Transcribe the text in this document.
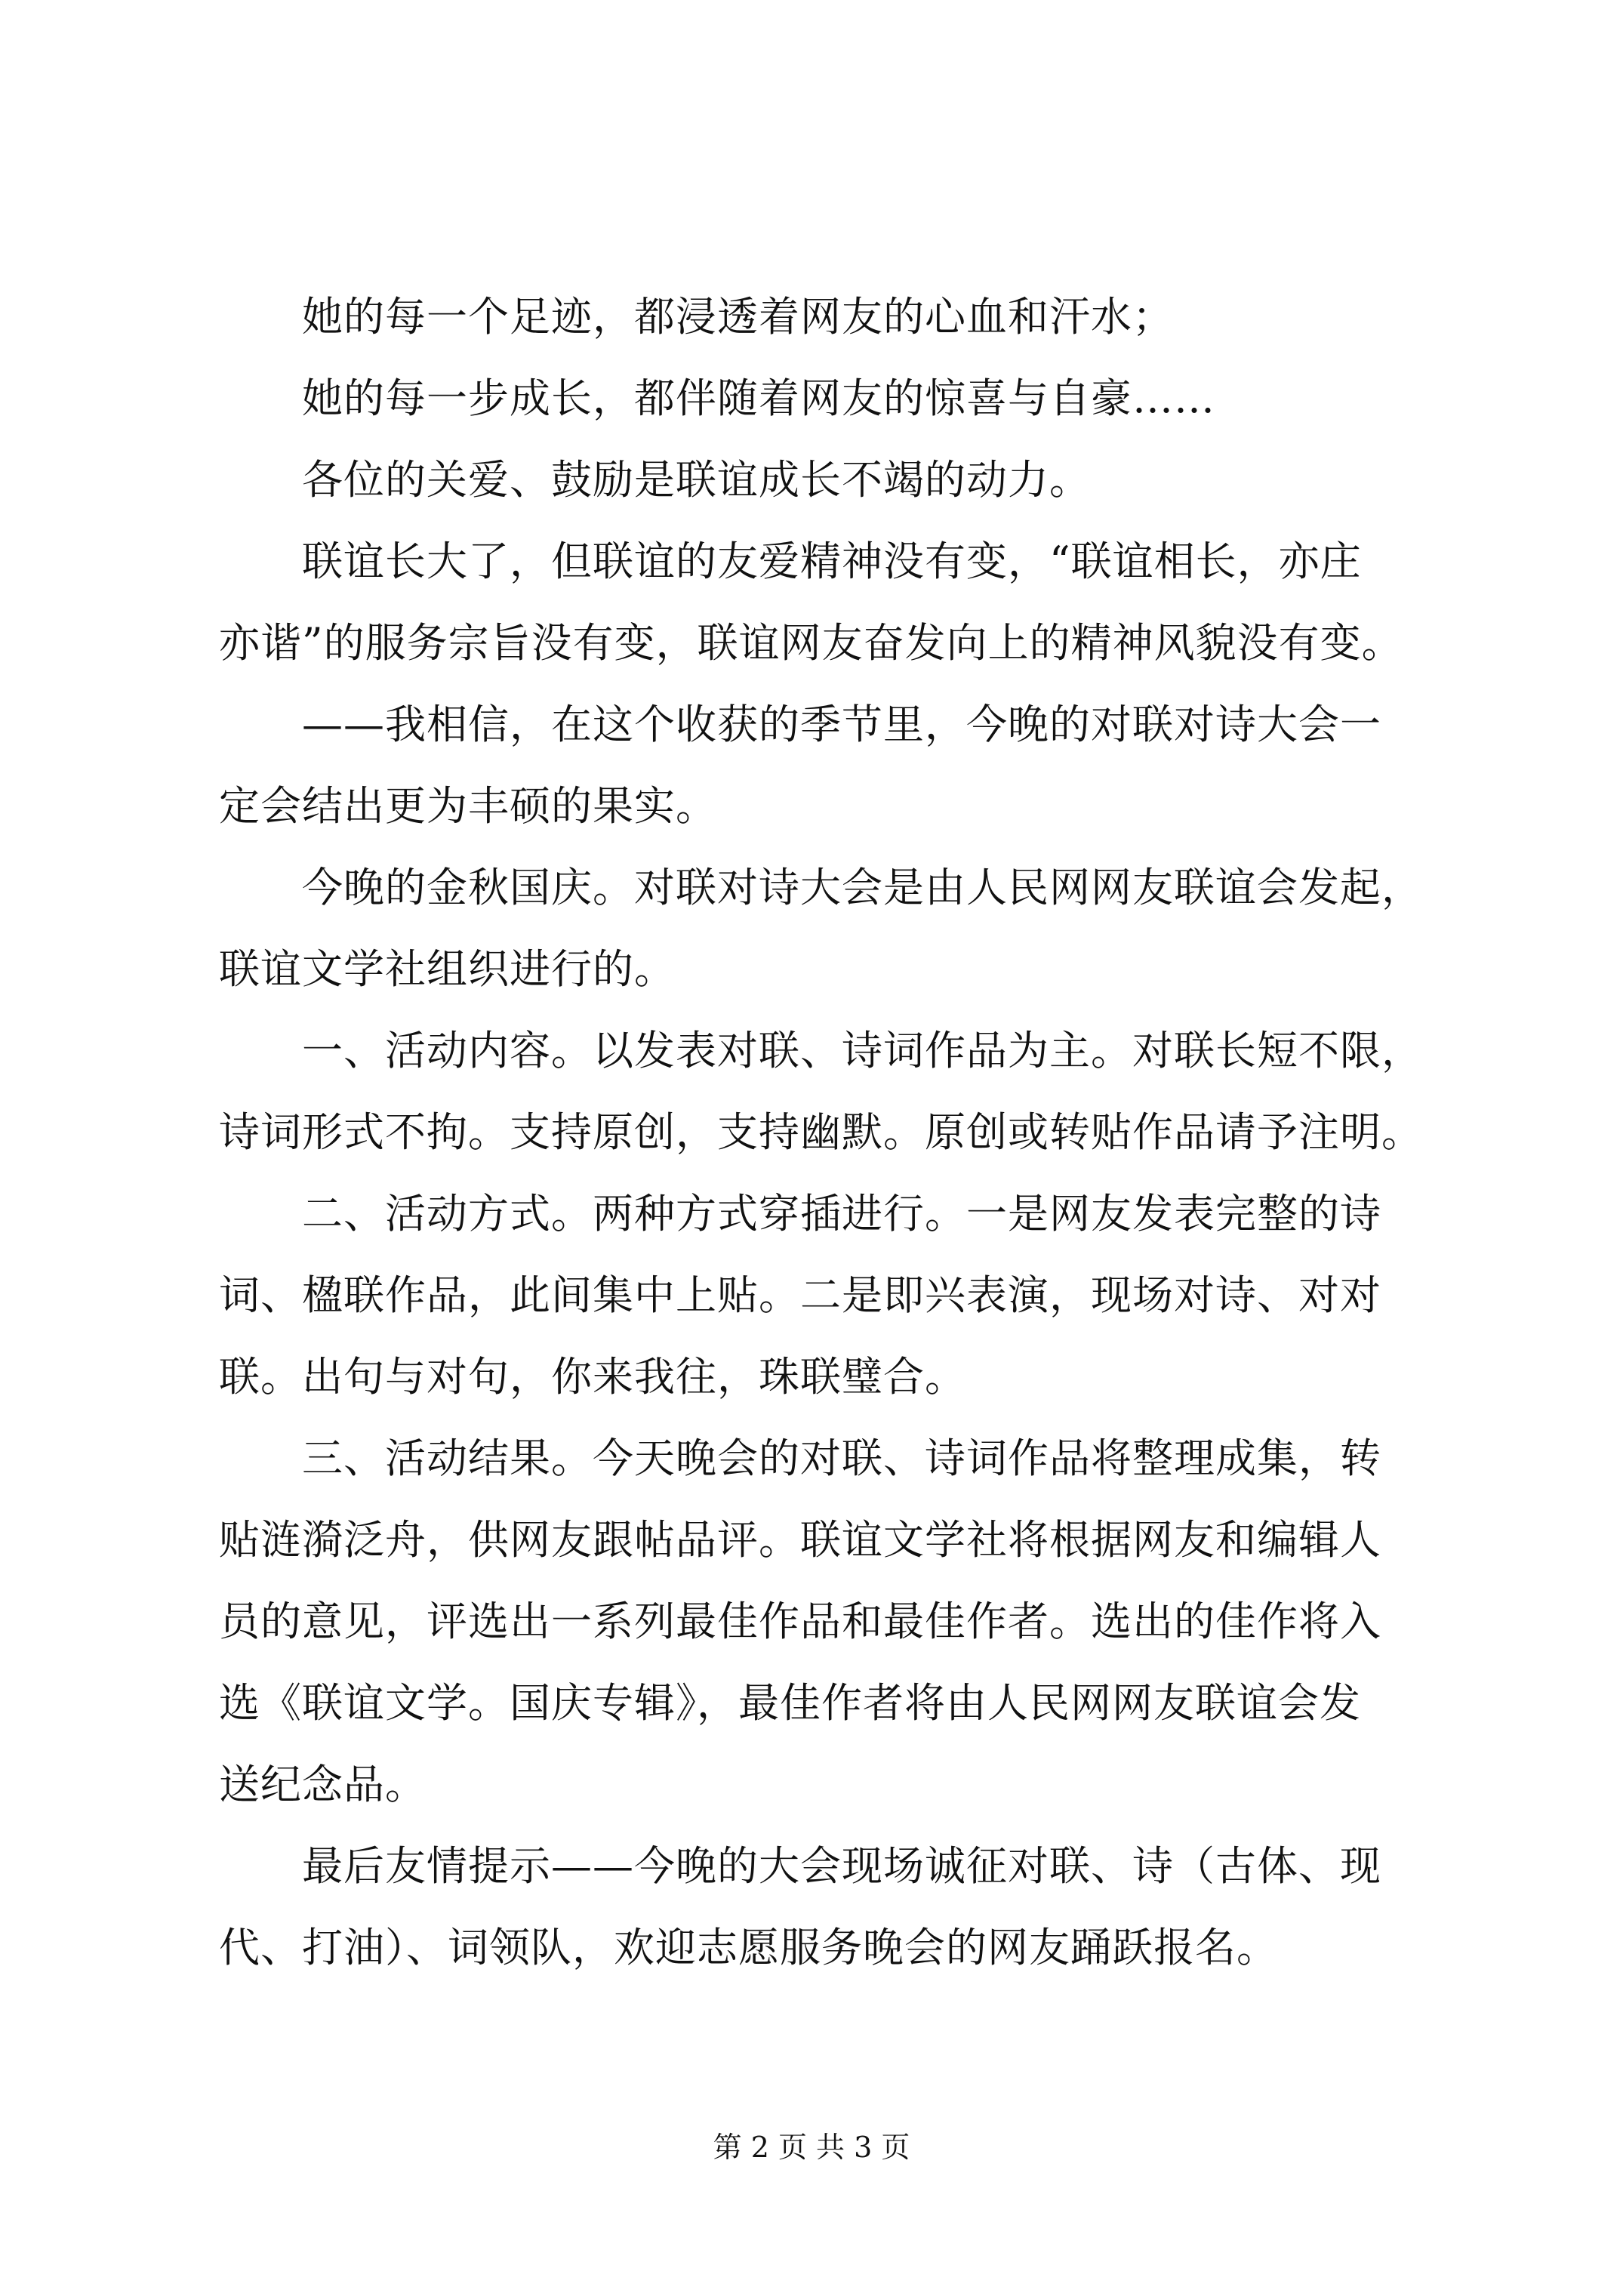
　　她的每一个足迹，都浸透着网友的心血和汗水；
　　她的每一步成长，都伴随着网友的惊喜与自豪……
　　各位的关爱、鼓励是联谊成长不竭的动力。
　　联谊长大了，但联谊的友爱精神没有变，“联谊相长，亦庄
亦谐”的服务宗旨没有变，联谊网友奋发向上的精神风貌没有变。
　　——我相信，在这个收获的季节里，今晚的对联对诗大会一
定会结出更为丰硕的果实。
　　今晚的金秋国庆。对联对诗大会是由人民网网友联谊会发起，
联谊文学社组织进行的。
　　一、活动内容。以发表对联、诗词作品为主。对联长短不限，
诗词形式不拘。支持原创，支持幽默。原创或转贴作品请予注明。
　　二、活动方式。两种方式穿插进行。一是网友发表完整的诗
词、楹联作品，此间集中上贴。二是即兴表演，现场对诗、对对
联。出句与对句，你来我往，珠联璧合。
　　三、活动结果。今天晚会的对联、诗词作品将整理成集，转
贴涟漪泛舟，供网友跟帖品评。联谊文学社将根据网友和编辑人
员的意见，评选出一系列最佳作品和最佳作者。选出的佳作将入
选《联谊文学。国庆专辑》，最佳作者将由人民网网友联谊会发
送纪念品。
　　最后友情提示——今晚的大会现场诚征对联、诗（古体、现
代、打油）、词领队，欢迎志愿服务晚会的网友踊跃报名。
第 2 页 共 3 页
